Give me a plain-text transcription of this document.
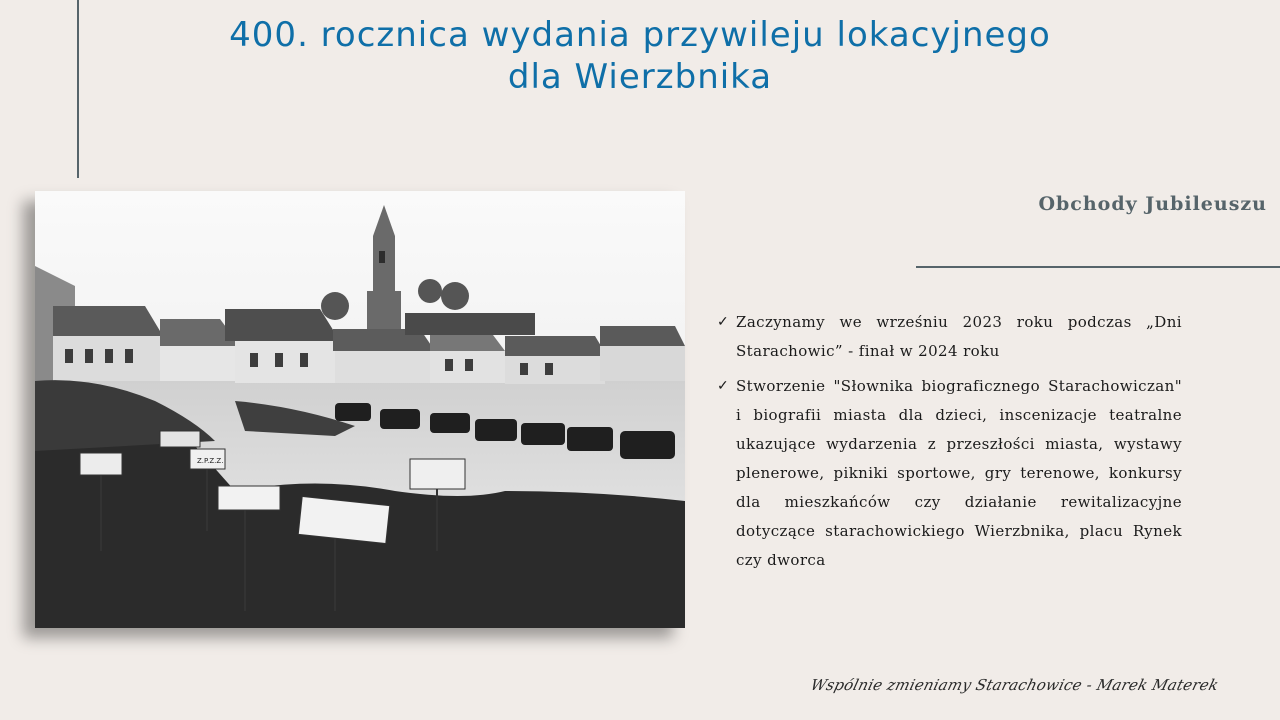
400. rocznica wydania przywileju lokacyjnego
dla Wierzbnika
Z.P.Z.Z.
Obchody Jubileuszu
✓ Zaczynamy we wrześniu 2023 roku podczas „Dni Starachowic” - finał w 2024 roku
✓ Stworzenie "Słownika biograficznego Starachowiczan" i biografii miasta dla dzieci, inscenizacje teatralne ukazujące wydarzenia z przeszłości miasta, wystawy plenerowe, pikniki sportowe, gry terenowe, konkursy dla mieszkańców czy działanie rewitalizacyjne dotyczące starachowickiego Wierzbnika, placu Rynek czy dworca
Wspólnie zmieniamy Starachowice - Marek Materek
